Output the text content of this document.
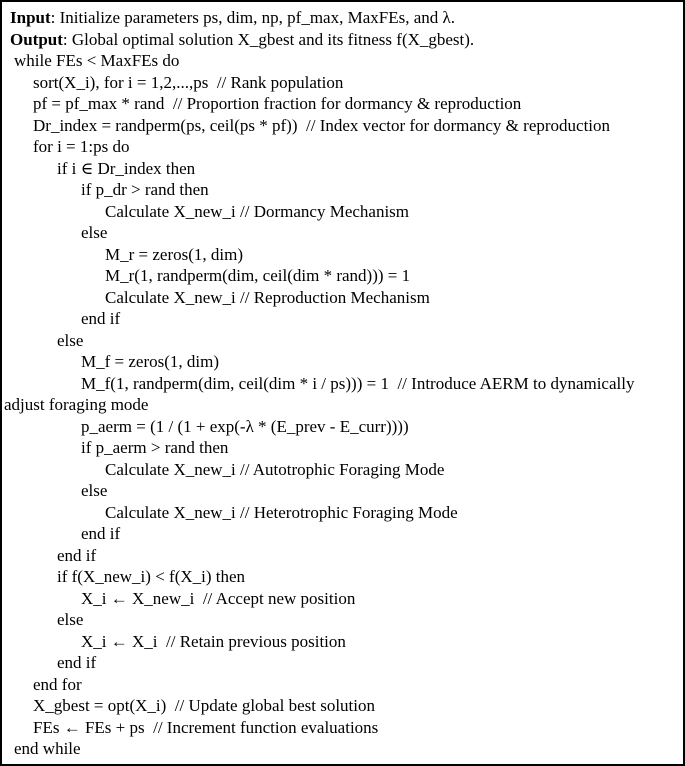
Input: Initialize parameters ps, dim, np, pf_max, MaxFEs, and λ.
Output: Global optimal solution X_gbest and its fitness f(X_gbest).
while FEs < MaxFEs do
sort(X_i), for i = 1,2,...,ps  // Rank population
pf = pf_max * rand  // Proportion fraction for dormancy & reproduction
Dr_index = randperm(ps, ceil(ps * pf))  // Index vector for dormancy & reproduction
for i = 1:ps do
if i ∈ Dr_index then
if p_dr > rand then
Calculate X_new_i // Dormancy Mechanism
else
M_r = zeros(1, dim)
M_r(1, randperm(dim, ceil(dim * rand))) = 1
Calculate X_new_i // Reproduction Mechanism
end if
else
M_f = zeros(1, dim)
M_f(1, randperm(dim, ceil(dim * i / ps))) = 1  // Introduce AERM to dynamically
adjust foraging mode
p_aerm = (1 / (1 + exp(-λ * (E_prev - E_curr))))
if p_aerm > rand then
Calculate X_new_i // Autotrophic Foraging Mode
else
Calculate X_new_i // Heterotrophic Foraging Mode
end if
end if
if f(X_new_i) < f(X_i) then
X_i ← X_new_i  // Accept new position
else
X_i ← X_i  // Retain previous position
end if
end for
X_gbest = opt(X_i)  // Update global best solution
FEs ← FEs + ps  // Increment function evaluations
end while
